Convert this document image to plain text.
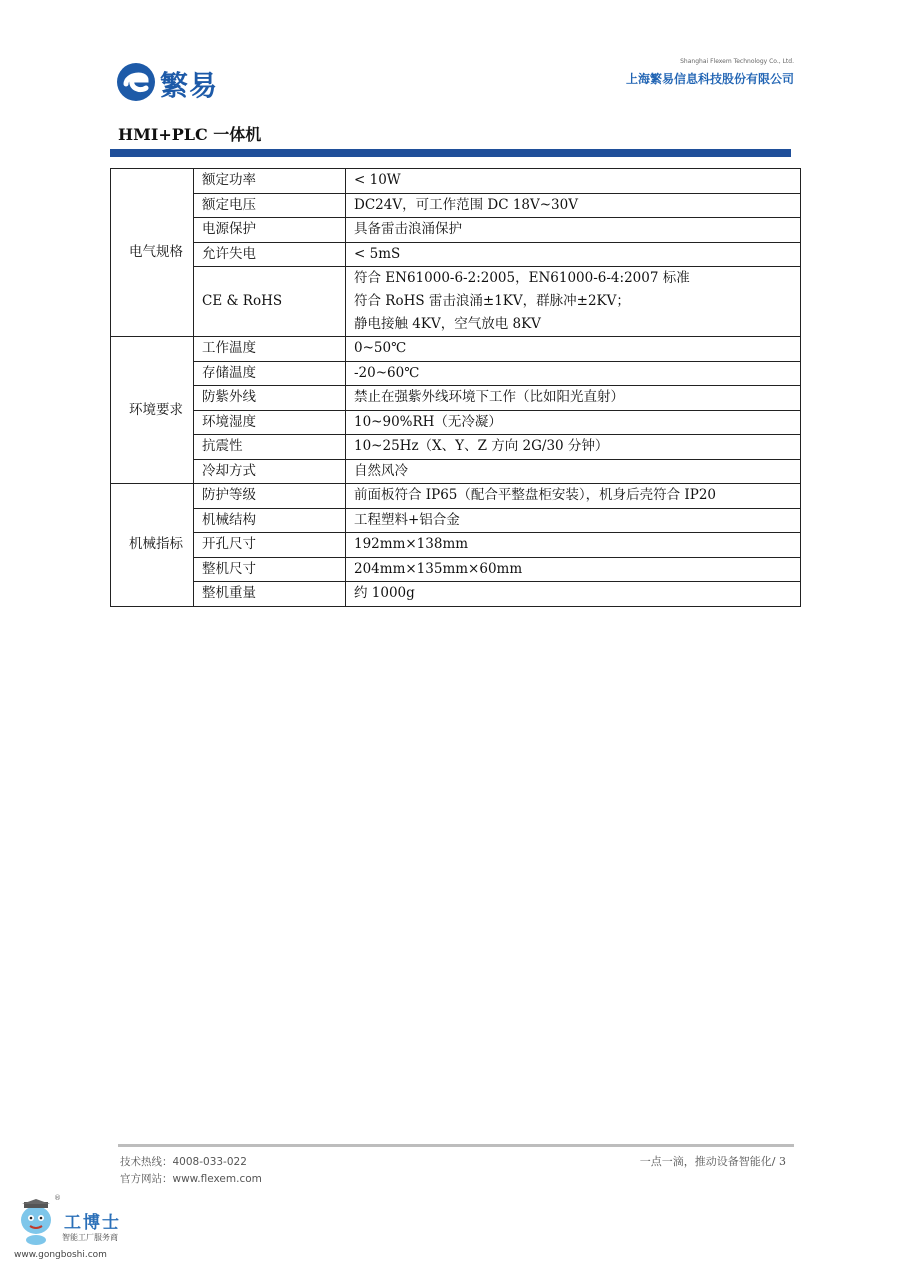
繁易
Shanghai Flexem Technology Co., Ltd.
上海繁易信息科技股份有限公司
HMI+PLC 一体机
电气规格	额定功率	< 10W

	额定电压	DC24V，可工作范围 DC 18V~30V

	电源保护	具备雷击浪涌保护

	允许失电	< 5mS

	CE & RoHS	符合 EN61000-6-2:2005，EN61000-6-4:2007 标准
符合 RoHS 雷击浪涌±1KV，群脉冲±2KV；
静电接触 4KV，空气放电 8KV

环境要求	工作温度	0~50℃

	存储温度	-20~60℃

	防紫外线	禁止在强紫外线环境下工作（比如阳光直射）

	环境湿度	10~90%RH（无冷凝）

	抗震性	10~25Hz（X、Y、Z 方向 2G/30 分钟）

	冷却方式	自然风冷

机械指标	防护等级	前面板符合 IP65（配合平整盘柜安装），机身后壳符合 IP20

	机械结构	工程塑料+铝合金

	开孔尺寸	192mm×138mm

	整机尺寸	204mm×135mm×60mm

	整机重量	约 1000g
技术热线：4008-033-022
官方网站：www.flexem.com
一点一滴，推动设备智能化/ 3
®
工博士
智能工厂服务商
www.gongboshi.com
